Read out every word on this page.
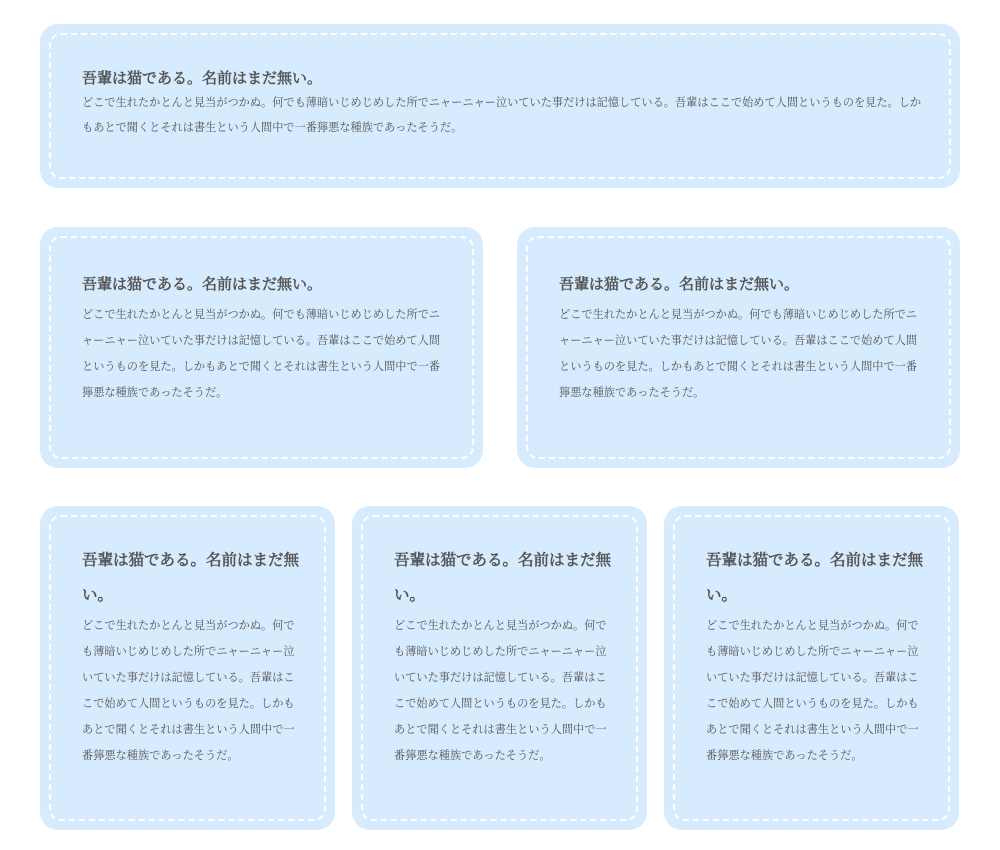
吾輩は猫である。名前はまだ無い。

どこで生れたかとんと見当がつかぬ。何でも薄暗いじめじめした所でニャーニャー泣いていた事だけは記憶している。吾輩はここで始めて人間というものを見た。しかもあとで聞くとそれは書生という人間中で一番獰悪な種族であったそうだ。

吾輩は猫である。名前はまだ無い。

どこで生れたかとんと見当がつかぬ。何でも薄暗いじめじめした所でニャーニャー泣いていた事だけは記憶している。吾輩はここで始めて人間というものを見た。しかもあとで聞くとそれは書生という人間中で一番獰悪な種族であったそうだ。

吾輩は猫である。名前はまだ無い。

どこで生れたかとんと見当がつかぬ。何でも薄暗いじめじめした所でニャーニャー泣いていた事だけは記憶している。吾輩はここで始めて人間というものを見た。しかもあとで聞くとそれは書生という人間中で一番獰悪な種族であったそうだ。

吾輩は猫である。名前はまだ無い。

どこで生れたかとんと見当がつかぬ。何でも薄暗いじめじめした所でニャーニャー泣いていた事だけは記憶している。吾輩はここで始めて人間というものを見た。しかもあとで聞くとそれは書生という人間中で一番獰悪な種族であったそうだ。

吾輩は猫である。名前はまだ無い。

どこで生れたかとんと見当がつかぬ。何でも薄暗いじめじめした所でニャーニャー泣いていた事だけは記憶している。吾輩はここで始めて人間というものを見た。しかもあとで聞くとそれは書生という人間中で一番獰悪な種族であったそうだ。

吾輩は猫である。名前はまだ無い。

どこで生れたかとんと見当がつかぬ。何でも薄暗いじめじめした所でニャーニャー泣いていた事だけは記憶している。吾輩はここで始めて人間というものを見た。しかもあとで聞くとそれは書生という人間中で一番獰悪な種族であったそうだ。
